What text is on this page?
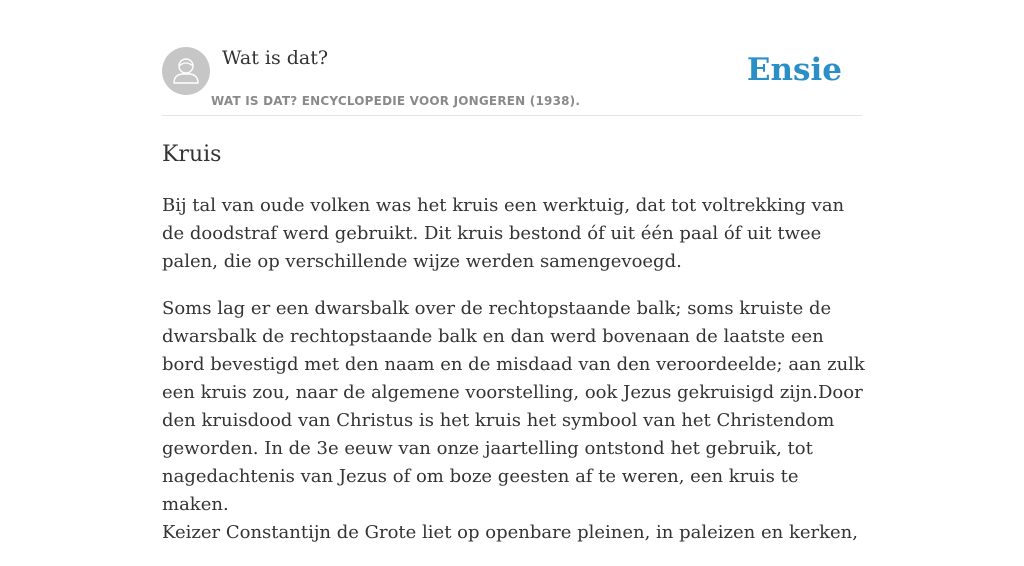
Wat is dat?
WAT IS DAT? ENCYCLOPEDIE VOOR JONGEREN (1938).
Ensie
Kruis

Bij tal van oude volken was het kruis een werktuig, dat tot voltrekking van de doodstraf werd gebruikt. Dit kruis bestond óf uit één paal óf uit twee palen, die op verschillende wijze werden samengevoegd.

Soms lag er een dwarsbalk over de rechtopstaande balk; soms kruiste de dwarsbalk de rechtopstaande balk en dan werd bovenaan de laatste een bord bevestigd met den naam en de misdaad van den veroordeelde; aan zulk een kruis zou, naar de algemene voorstelling, ook Jezus gekruisigd zijn.Door den kruisdood van Christus is het kruis het symbool van het Christendom geworden. In de 3e eeuw van onze jaartelling ontstond het gebruik, tot nagedachtenis van Jezus of om boze geesten af te weren, een kruis te maken.
Keizer Constantijn de Grote liet op openbare pleinen, in paleizen en kerken,
